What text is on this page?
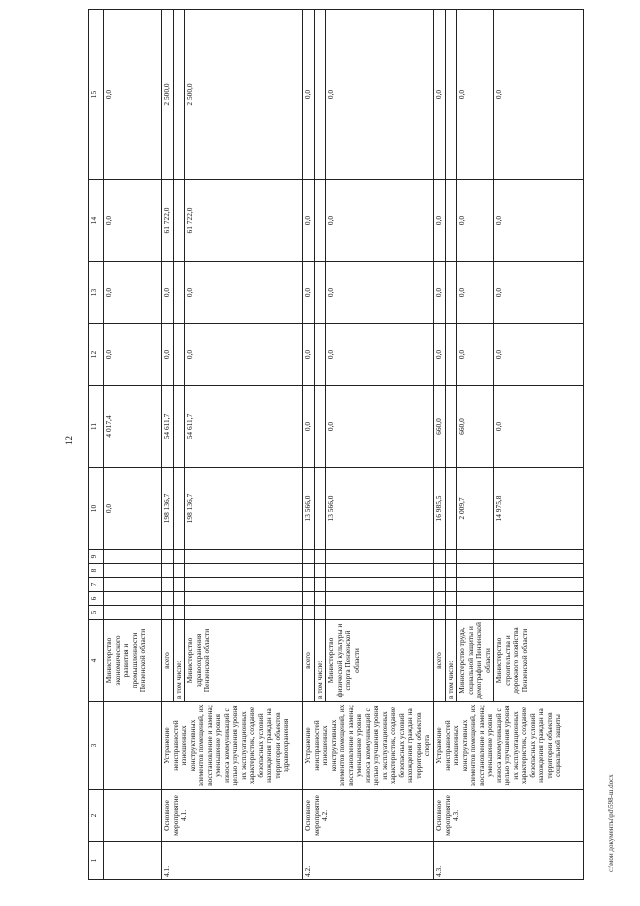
12
1	2	3	4	5	6	7	8	9	10	11	12	13	14	15
			Министерство экономического развития и промышленности Пензенской области						0,0	4 017,4	0,0	0,0	0,0	0,0
4.1.	Основное мероприятие 4.1.	Устранение неисправностей изношенных конструктивных элементов помещений, их восстановление и замена; уменьшение уровня износа коммуникаций с целью улучшения уровня их эксплуатационных характеристик, создание безопасных условий нахождения граждан на территории объектов здравоохранения	всего						198 136,7	54 611,7	0,0	0,0	61 722,0	2 500,0
			в том числе:											
			Министерство здравоохранения Пензенской области						198 136,7	54 611,7	0,0	0,0	61 722,0	2 500,0
4.2.	Основное мероприятие 4.2.	Устранение неисправностей изношенных конструктивных элементов помещений, их восстановление и замена; уменьшение уровня износа коммуникаций с целью улучшения уровня их эксплуатационных характеристик, создание безопасных условий нахождения граждан на территории объектов спорта	всего						13 566,0	0,0	0,0	0,0	0,0	0,0
			в том числе:											
			Министерство физической культуры и спорта Пензенской области						13 566,0	0,0	0,0	0,0	0,0	0,0
4.3.	Основное мероприятие 4.3.	Устранение неисправностей изношенных конструктивных элементов помещений, их восстановление и замена; уменьшение уровня износа коммуникаций с целью улучшения уровня их эксплуатационных характеристик, создание безопасных условий нахождения граждан на территории объектов социальной защиты	всего						16 985,5	660,0	0,0	0,0	0,0	0,0
			в том числе:											
			Министерство труда, социальной защиты и демографии Пензенской области						2 009,7	660,0	0,0	0,0	0,0	0,0
			Министерство строительства и дорожного хозяйства Пензенской области						14 975,8	0,0	0,0	0,0	0,0	0,0
c:\мои документы\pd\598-ш.docx
